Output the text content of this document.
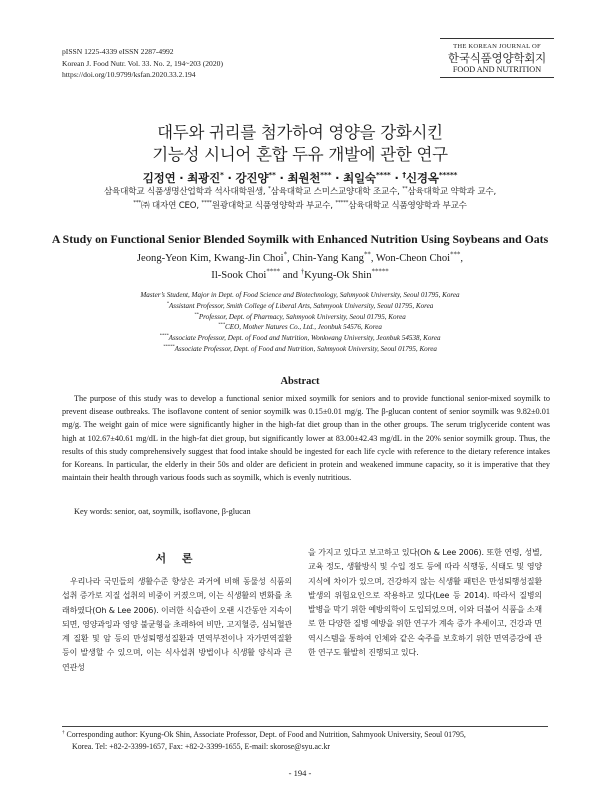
pISSN 1225-4339 eISSN 2287-4992
Korean J. Food Nutr. Vol. 33. No. 2, 194~203 (2020)
https://doi.org/10.9799/ksfan.2020.33.2.194
THE KOREAN JOURNAL OF
한국식품영양학회지
FOOD AND NUTRITION
대두와 귀리를 첨가하여 영양을 강화시킨
기능성 시니어 혼합 두유 개발에 관한 연구
김정연 · 최광진* · 강진양** · 최원천*** · 최일숙**** · †신경옥*****
삼육대학교 식품생명산업학과 석사대학원생, *삼육대학교 스미스교양대학 조교수, **삼육대학교 약학과 교수,
***㈜ 대자연 CEO, ****원광대학교 식품영양학과 부교수, *****삼육대학교 식품영양학과 부교수
A Study on Functional Senior Blended Soymilk with Enhanced Nutrition Using Soybeans and Oats
Jeong-Yeon Kim, Kwang-Jin Choi*, Chin-Yang Kang**, Won-Cheon Choi***,
Il-Sook Choi**** and †Kyung-Ok Shin*****
Master’s Student, Major in Dept. of Food Science and Biotechnology, Sahmyook University, Seoul 01795, Korea
*Assistant Professor, Smith College of Liberal Arts, Sahmyook University, Seoul 01795, Korea
**Professor, Dept. of Pharmacy, Sahmyook University, Seoul 01795, Korea
***CEO, Mother Natures Co., Ltd., Jeonbuk 54576, Korea
****Associate Professor, Dept. of Food and Nutrition, Wonkwang University, Jeonbuk 54538, Korea
*****Associate Professor, Dept. of Food and Nutrition, Sahmyook University, Seoul 01795, Korea
Abstract
The purpose of this study was to develop a functional senior mixed soymilk for seniors and to provide functional senior-mixed soymilk to prevent disease outbreaks. The isoflavone content of senior soymilk was 0.15±0.01 mg/g. The β-glucan content of senior soymilk was 9.82±0.01 mg/g. The weight gain of mice were significantly higher in the high-fat diet group than in the other groups. The serum triglyceride content was high at 102.67±40.61 mg/dL in the high-fat diet group, but significantly lower at 83.00±42.43 mg/dL in the 20% senior soymilk group. Thus, the results of this study comprehensively suggest that food intake should be ingested for each life cycle with reference to the dietary reference intakes for Koreans. In particular, the elderly in their 50s and older are deficient in protein and weakened immune capacity, so it is imperative that they maintain their health through various foods such as soymilk, which is evenly nutritious.
Key words: senior, oat, soymilk, isoflavone, β-glucan
서 론
우리나라 국민들의 생활수준 향상은 과거에 비해 동물성 식품의 섭취 증가로 지질 섭취의 비중이 커졌으며, 이는 식생활의 변화를 초래하였다(Oh & Lee 2006). 이러한 식습관이 오랜 시간동안 지속이 되면, 영양과잉과 영양 불균형을 초래하여 비만, 고지혈증, 심뇌혈관계 질환 및 암 등의 만성퇴행성질환과 면역부전이나 자가면역질환 등이 발생할 수 있으며, 이는 식사섭취 방법이나 식생활 양식과 큰 연관성
을 가지고 있다고 보고하고 있다(Oh & Lee 2006). 또한 연령, 성별, 교육 정도, 생활방식 및 수입 정도 등에 따라 식행동, 식태도 및 영양지식에 차이가 있으며, 건강하지 않는 식생활 패턴은 만성퇴행성질환 발생의 위험요인으로 작용하고 있다(Lee 등 2014). 따라서 질병의 발병을 막기 위한 예방의학이 도입되었으며, 이와 더불어 식품을 소재로 한 다양한 질병 예방을 위한 연구가 계속 증가 추세이고, 건강과 면역시스템을 통하여 인체와 같은 숙주를 보호하기 위한 면역증강에 관한 연구도 활발히 진행되고 있다.
† Corresponding author: Kyung-Ok Shin, Associate Professor, Dept. of Food and Nutrition, Sahmyook University, Seoul 01795,
Korea. Tel: +82-2-3399-1657, Fax: +82-2-3399-1655, E-mail: skorose@syu.ac.kr
- 194 -
